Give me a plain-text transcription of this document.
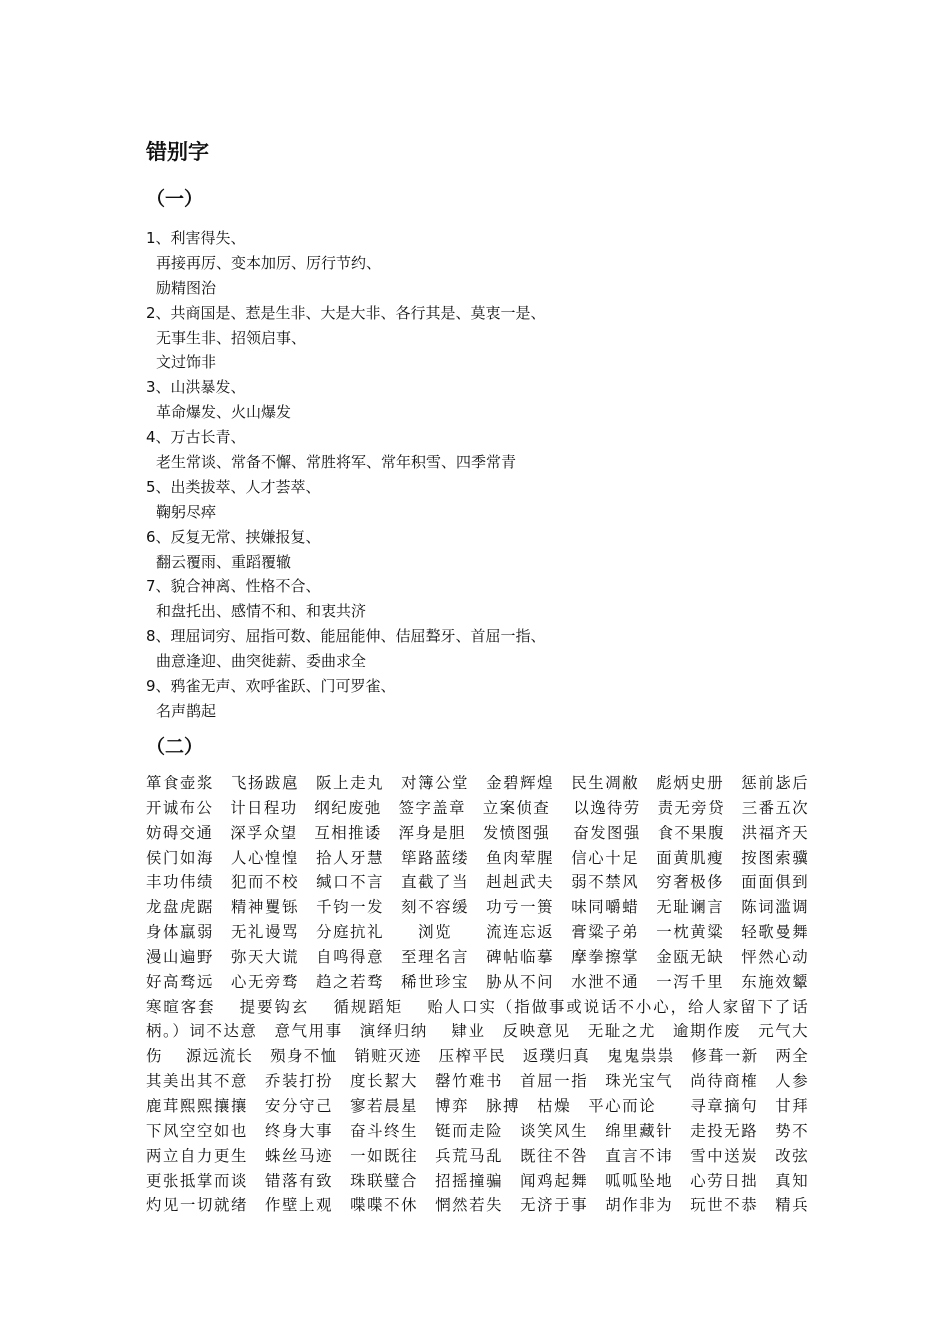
错别字
（一）
1、利害得失、
再接再厉、变本加厉、厉行节约、
励精图治
2、共商国是、惹是生非、大是大非、各行其是、莫衷一是、
无事生非、招领启事、
文过饰非
3、山洪暴发、
革命爆发、火山爆发
4、万古长青、
老生常谈、常备不懈、常胜将军、常年积雪、四季常青
5、出类拔萃、人才荟萃、
鞠躬尽瘁
6、反复无常、挟嫌报复、
翻云覆雨、重蹈覆辙
7、貌合神离、性格不合、
和盘托出、感情不和、和衷共济
8、理屈词穷、屈指可数、能屈能伸、佶屈聱牙、首屈一指、
曲意逢迎、曲突徙薪、委曲求全
9、鸦雀无声、欢呼雀跃、门可罗雀、
名声鹊起
（二）
箪食壶浆　飞扬跋扈　阪上走丸　对簿公堂　金碧辉煌　民生凋敝　彪炳史册　惩前毖后
开诚布公　计日程功　纲纪废弛　签字盖章　立案侦查　 以逸待劳　责无旁贷　三番五次
妨碍交通　深孚众望　互相推诿　浑身是胆　发愤图强　 奋发图强　食不果腹　洪福齐天
侯门如海　人心惶惶　拾人牙慧　筚路蓝缕　鱼肉荤腥　信心十足　面黄肌瘦　按图索骥
丰功伟绩　犯而不校　缄口不言　直截了当　赳赳武夫　弱不禁风　穷奢极侈　面面俱到
龙盘虎踞　精神矍铄　千钧一发　刻不容缓　功亏一篑　味同嚼蜡　无耻谰言　陈词滥调
身体羸弱　无礼谩骂　分庭抗礼　　浏览　　流连忘返　膏粱子弟　一枕黄粱　轻歌曼舞
漫山遍野　弥天大谎　自鸣得意　至理名言　碑帖临摹　摩拳擦掌　金瓯无缺　怦然心动
好高骛远　心无旁骛　趋之若骛　稀世珍宝　胁从不问　水泄不通　一泻千里　东施效颦
寒暄客套　 提要钩玄　 循规蹈矩　 贻人口实（指做事或说话不小心，给人家留下了话
柄。）词不达意　意气用事　演绎归纳　 肄业　反映意见　无耻之尤　逾期作废　元气大
伤　 源远流长　殒身不恤　销赃灭迹　压榨平民　返璞归真　鬼鬼祟祟　修葺一新　两全
其美出其不意　乔装打扮　度长絜大　罄竹难书　首屈一指　珠光宝气　尚待商榷　人参
鹿茸熙熙攘攘　安分守己　寥若晨星　博弈　脉搏　枯燥　平心而论　　寻章摘句　甘拜
下风空空如也　终身大事　奋斗终生　铤而走险　谈笑风生　绵里藏针　走投无路　势不
两立自力更生　蛛丝马迹　一如既往　兵荒马乱　既往不咎　直言不讳　雪中送炭　改弦
更张抵掌而谈　错落有致　珠联璧合　招摇撞骗　闻鸡起舞　呱呱坠地　心劳日拙　真知
灼见一切就绪　作壁上观　喋喋不休　惘然若失　无济于事　胡作非为　玩世不恭　精兵
